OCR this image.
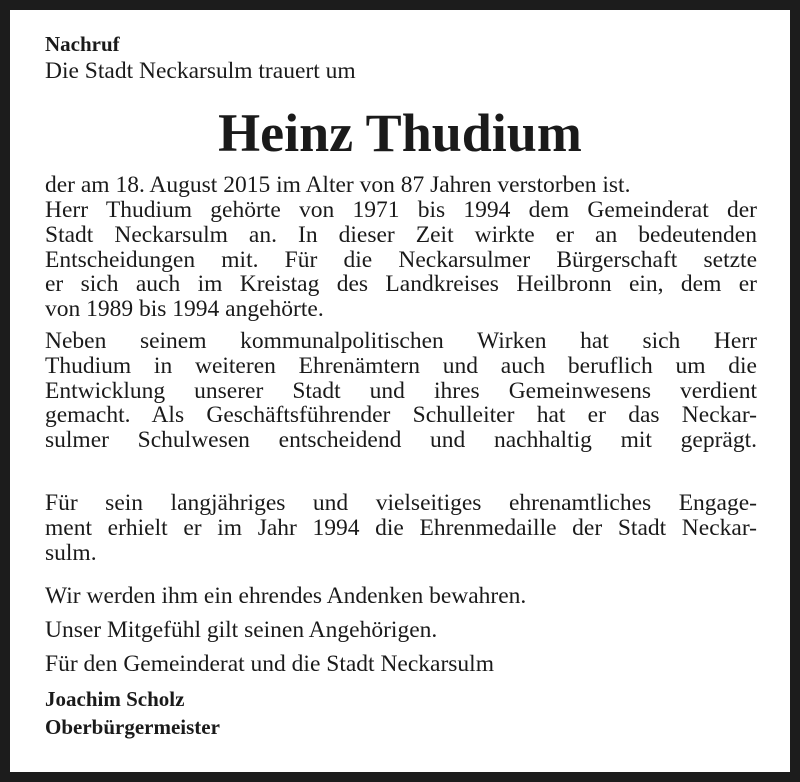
Nachruf
Die Stadt Neckarsulm trauert um
Heinz Thudium
der am 18. August 2015 im Alter von 87 Jahren verstorben ist.
Herr Thudium gehörte von 1971 bis 1994 dem Gemeinderat der
Stadt Neckarsulm an. In dieser Zeit wirkte er an bedeutenden
Entscheidungen mit. Für die Neckarsulmer Bürgerschaft setzte
er sich auch im Kreistag des Landkreises Heilbronn ein, dem er
von 1989 bis 1994 angehörte.
Neben seinem kommunalpolitischen Wirken hat sich Herr
Thudium in weiteren Ehrenämtern und auch beruflich um die
Entwicklung unserer Stadt und ihres Gemeinwesens verdient
gemacht. Als Geschäftsführender Schulleiter hat er das Neckar-
sulmer Schulwesen entscheidend und nachhaltig mit geprägt.
Für sein langjähriges und vielseitiges ehrenamtliches Engage-
ment erhielt er im Jahr 1994 die Ehrenmedaille der Stadt Neckar-
sulm.
Wir werden ihm ein ehrendes Andenken bewahren.
Unser Mitgefühl gilt seinen Angehörigen.
Für den Gemeinderat und die Stadt Neckarsulm
Joachim Scholz
Oberbürgermeister
